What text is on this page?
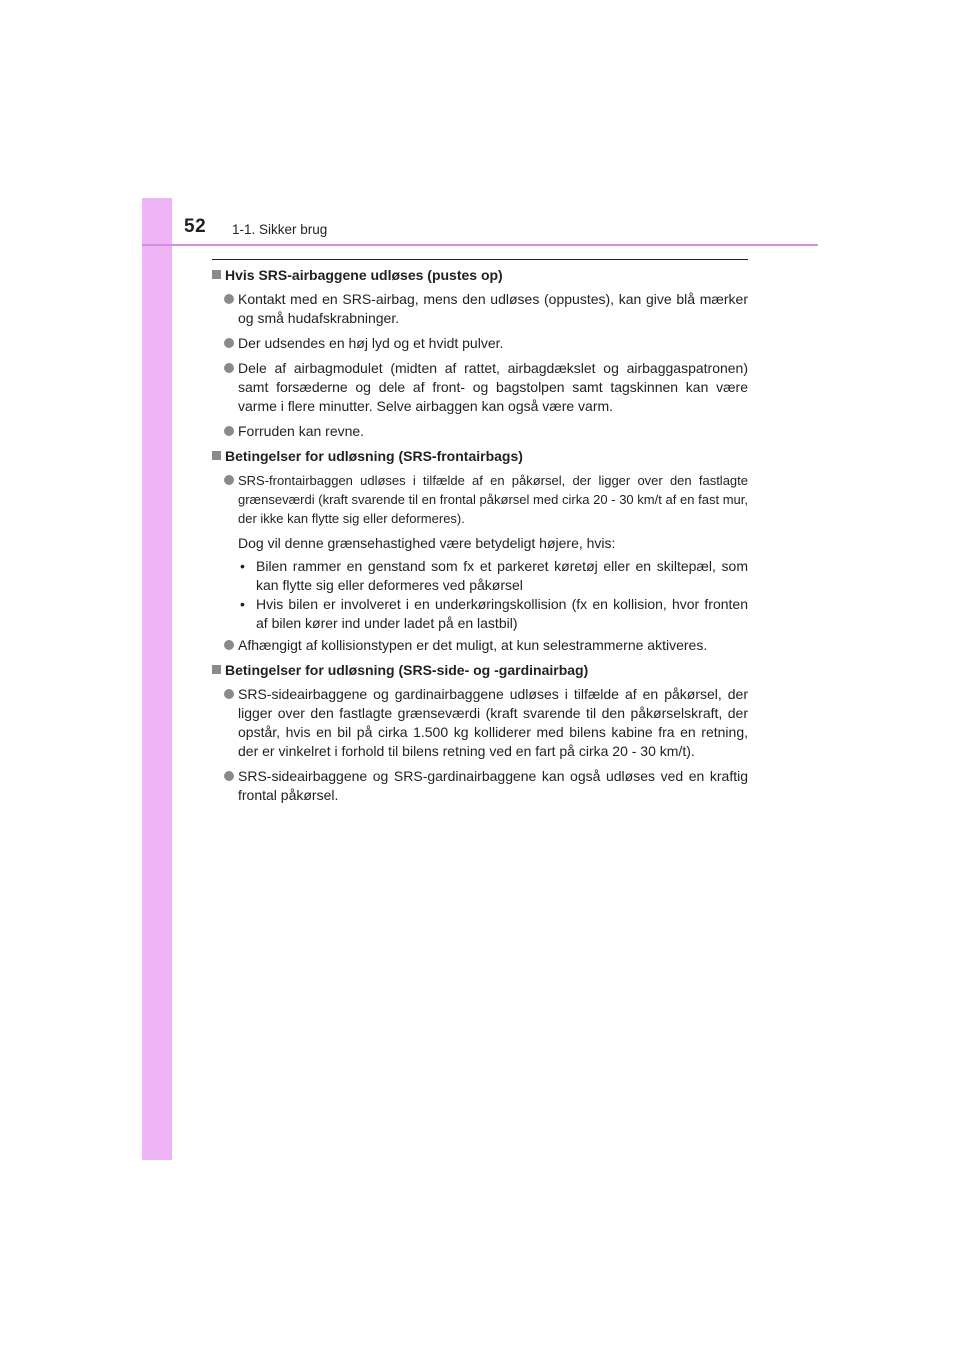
52 1-1. Sikker brug
Hvis SRS-airbaggene udløses (pustes op)
Kontakt med en SRS-airbag, mens den udløses (oppustes), kan give blå mærker og små hudafskrabninger.
Der udsendes en høj lyd og et hvidt pulver.
Dele af airbagmodulet (midten af rattet, airbagdækslet og airbaggaspatronen) samt forsæderne og dele af front- og bagstolpen samt tagskinnen kan være varme i flere minutter. Selve airbaggen kan også være varm.
Forruden kan revne.
Betingelser for udløsning (SRS-frontairbags)
SRS-frontairbaggen udløses i tilfælde af en påkørsel, der ligger over den fastlagte grænseværdi (kraft svarende til en frontal påkørsel med cirka 20 - 30 km/t af en fast mur, der ikke kan flytte sig eller deformeres).
Dog vil denne grænsehastighed være betydeligt højere, hvis:
• Bilen rammer en genstand som fx et parkeret køretøj eller en skiltepæl, som kan flytte sig eller deformeres ved påkørsel
• Hvis bilen er involveret i en underkøringskollision (fx en kollision, hvor fronten af bilen kører ind under ladet på en lastbil)
Afhængigt af kollisionstypen er det muligt, at kun selestrammerne aktiveres.
Betingelser for udløsning (SRS-side- og -gardinairbag)
SRS-sideairbaggene og gardinairbaggene udløses i tilfælde af en påkørsel, der ligger over den fastlagte grænseværdi (kraft svarende til den påkørselskraft, der opstår, hvis en bil på cirka 1.500 kg kolliderer med bilens kabine fra en retning, der er vinkelret i forhold til bilens retning ved en fart på cirka 20 - 30 km/t).
SRS-sideairbaggene og SRS-gardinairbaggene kan også udløses ved en kraftig frontal påkørsel.
